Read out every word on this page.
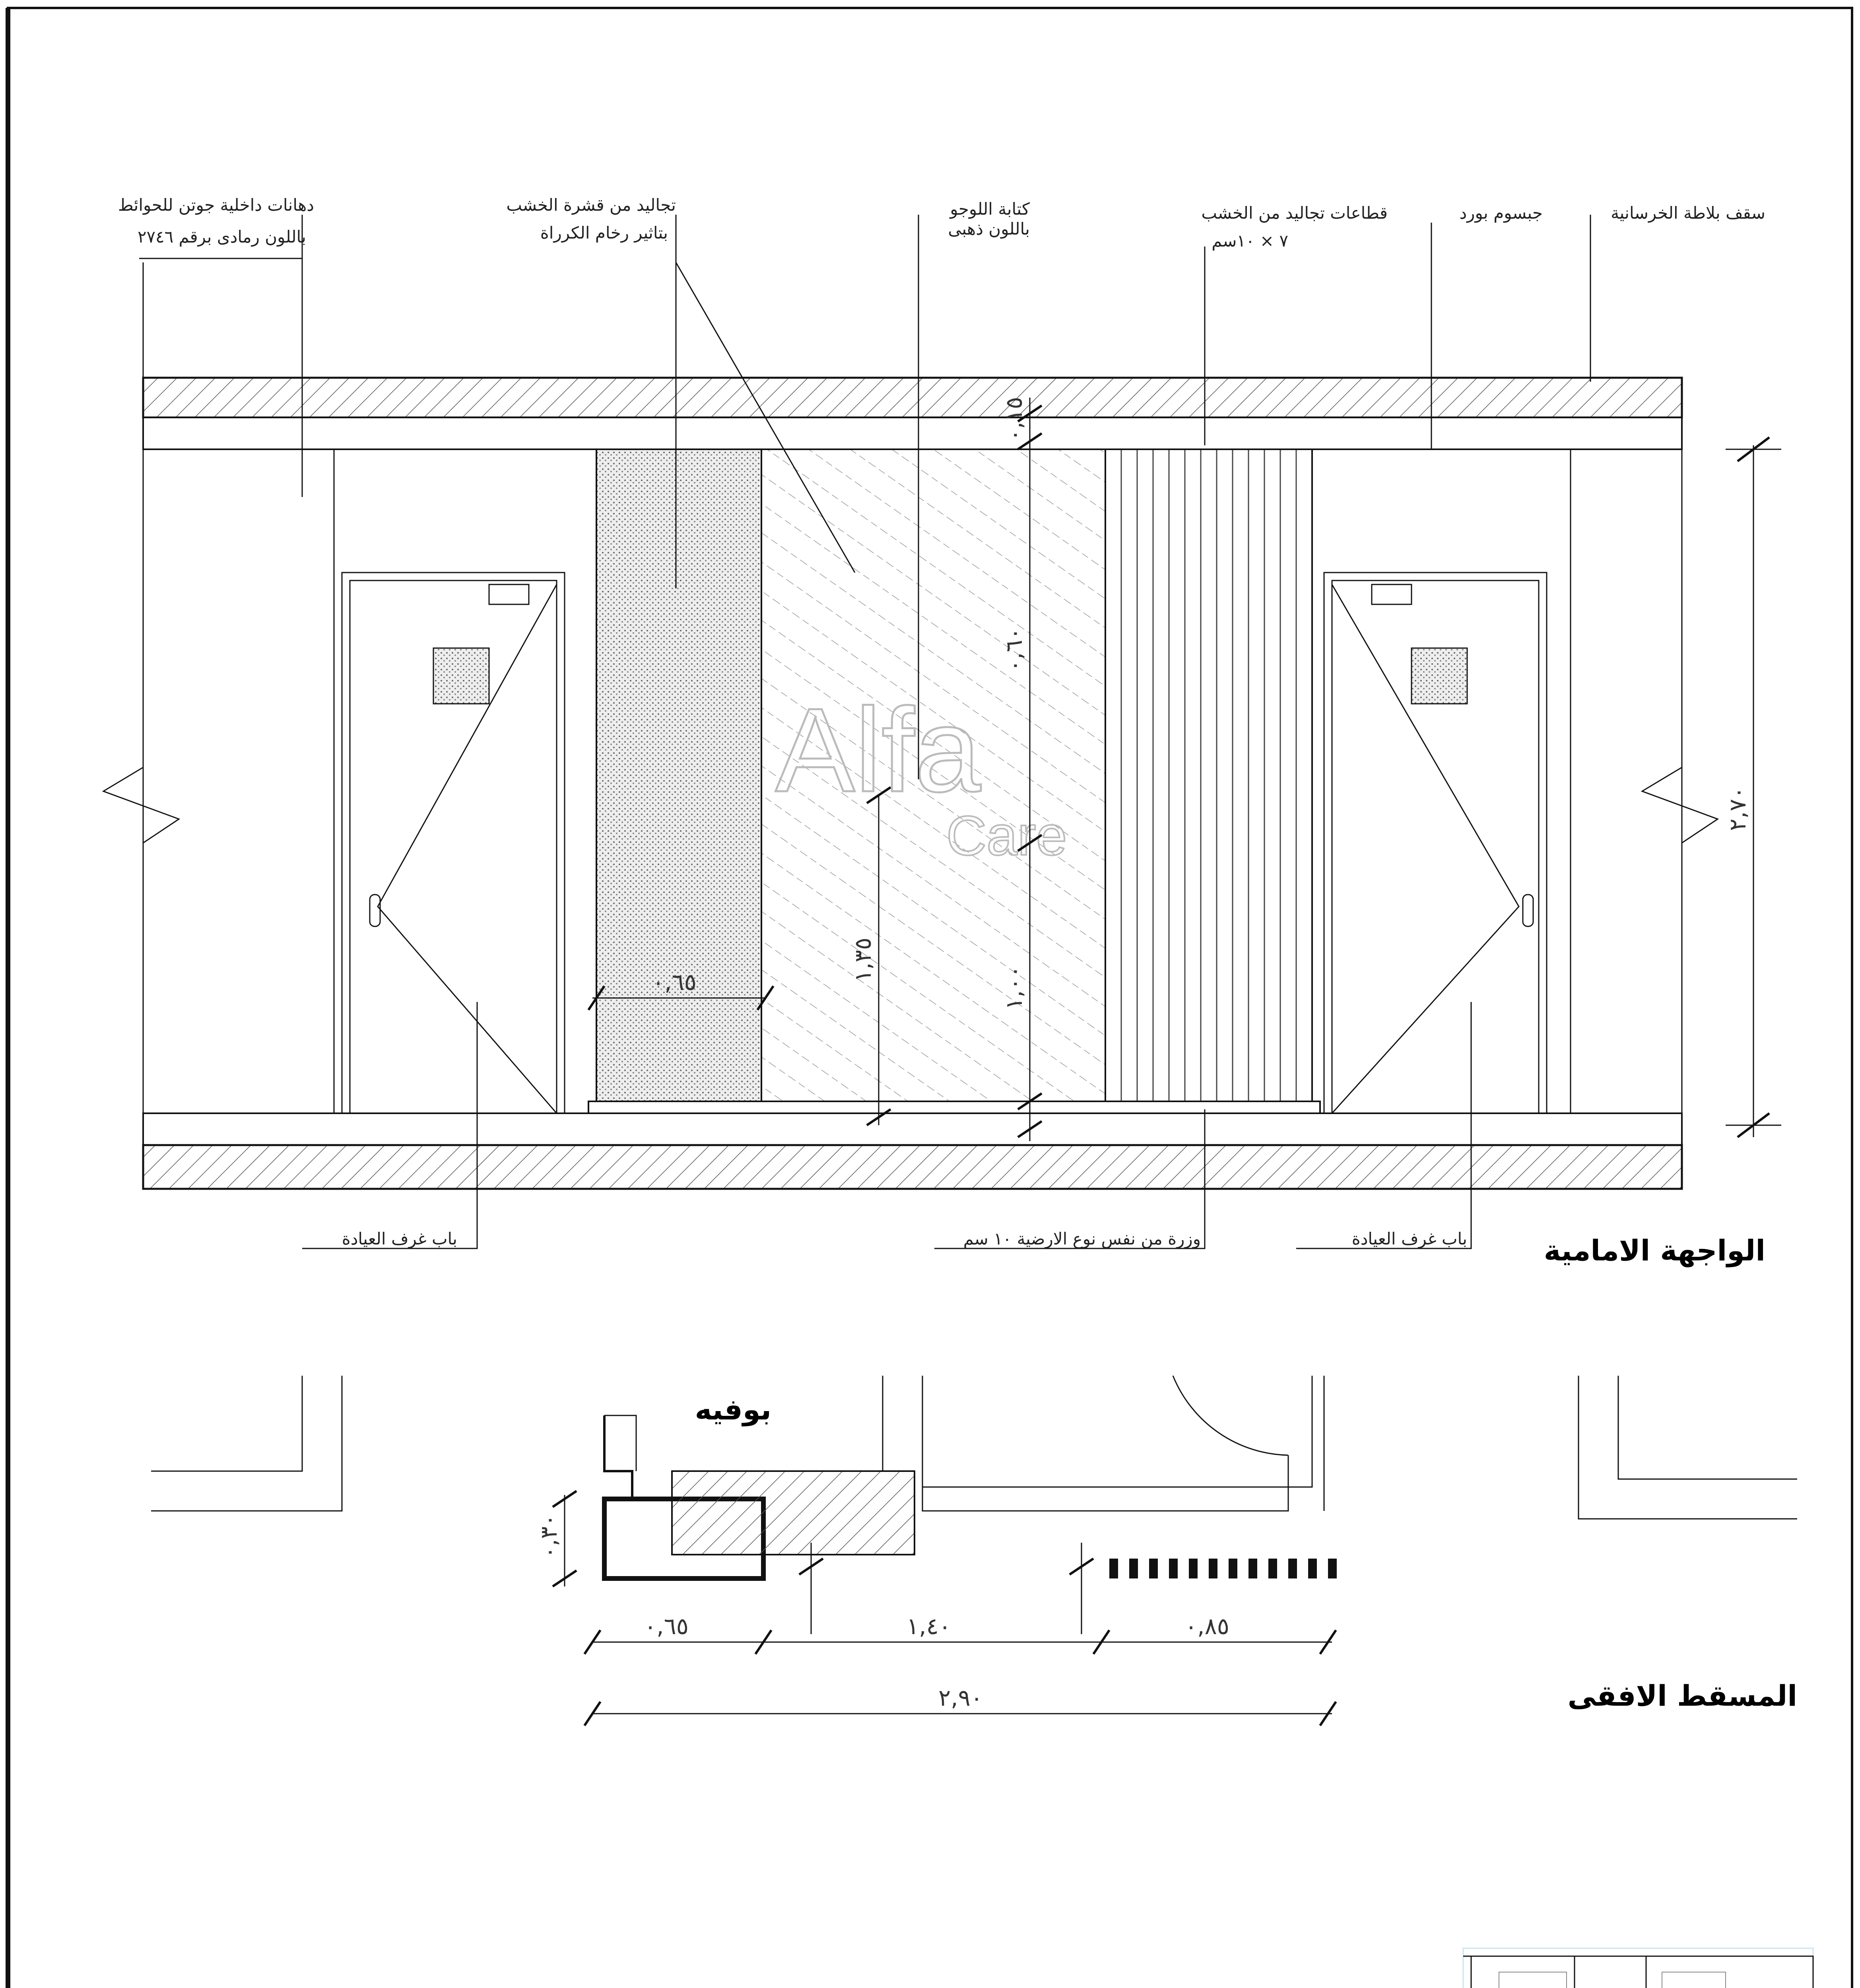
Alfa
Care
٠,٦٥	١,٣٥
٠,١٥
٠,٦٠
١,٠٠
٢,٧٠
دهانات داخلية جوتن للحوائط
باللون رمادى برقم ٢٧٤٦
تجاليد من قشرة الخشب
بتاثير رخام الكرراة
كتابة اللوجو
باللون ذهبى
قطاعات تجاليد من الخشب
٧ × ١٠سم
جبسوم بورد	سقف بلاطة الخرسانية
باب غرف العيادة	وزرة من نفس نوع الارضية ١٠ سم	باب غرف العيادة	الواجهة الامامية
بوفيه
٠,٣٠
٠,٦٥	١,٤٠	٠,٨٥
٢,٩٠	المسقط الافقى
